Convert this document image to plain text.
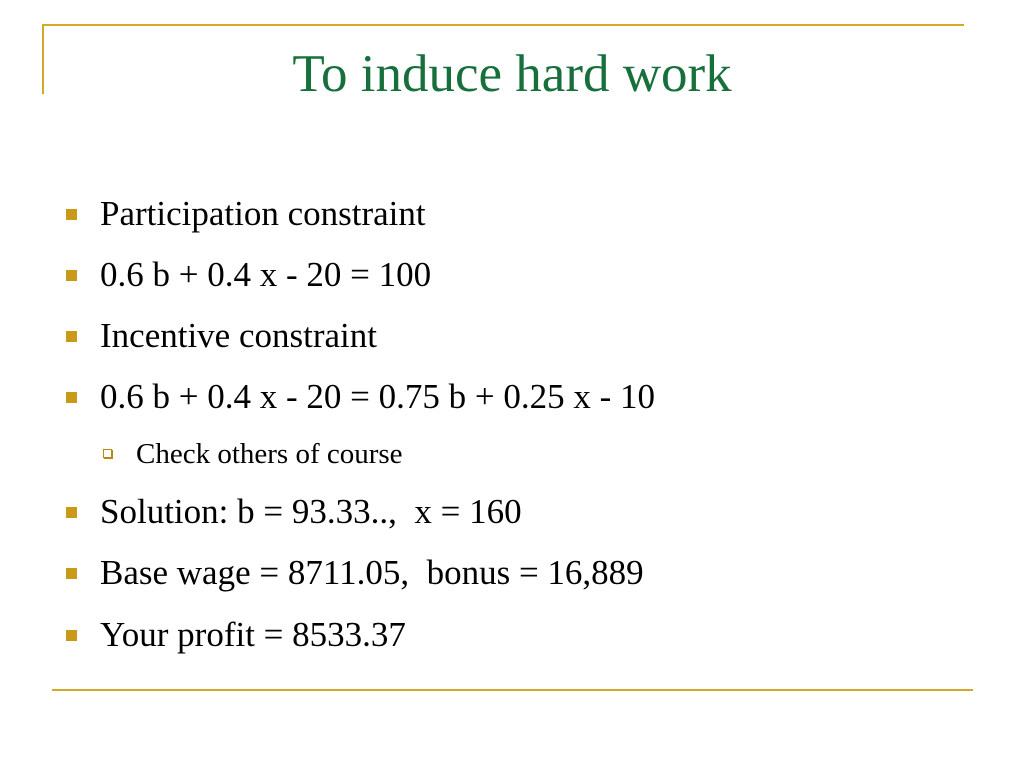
To induce hard work
Participation constraint
0.6 b + 0.4 x - 20 = 100
Incentive constraint
0.6 b + 0.4 x - 20 = 0.75 b + 0.25 x - 10
Check others of course
Solution: b = 93.33..,  x = 160
Base wage = 8711.05,  bonus = 16,889
Your profit = 8533.37
